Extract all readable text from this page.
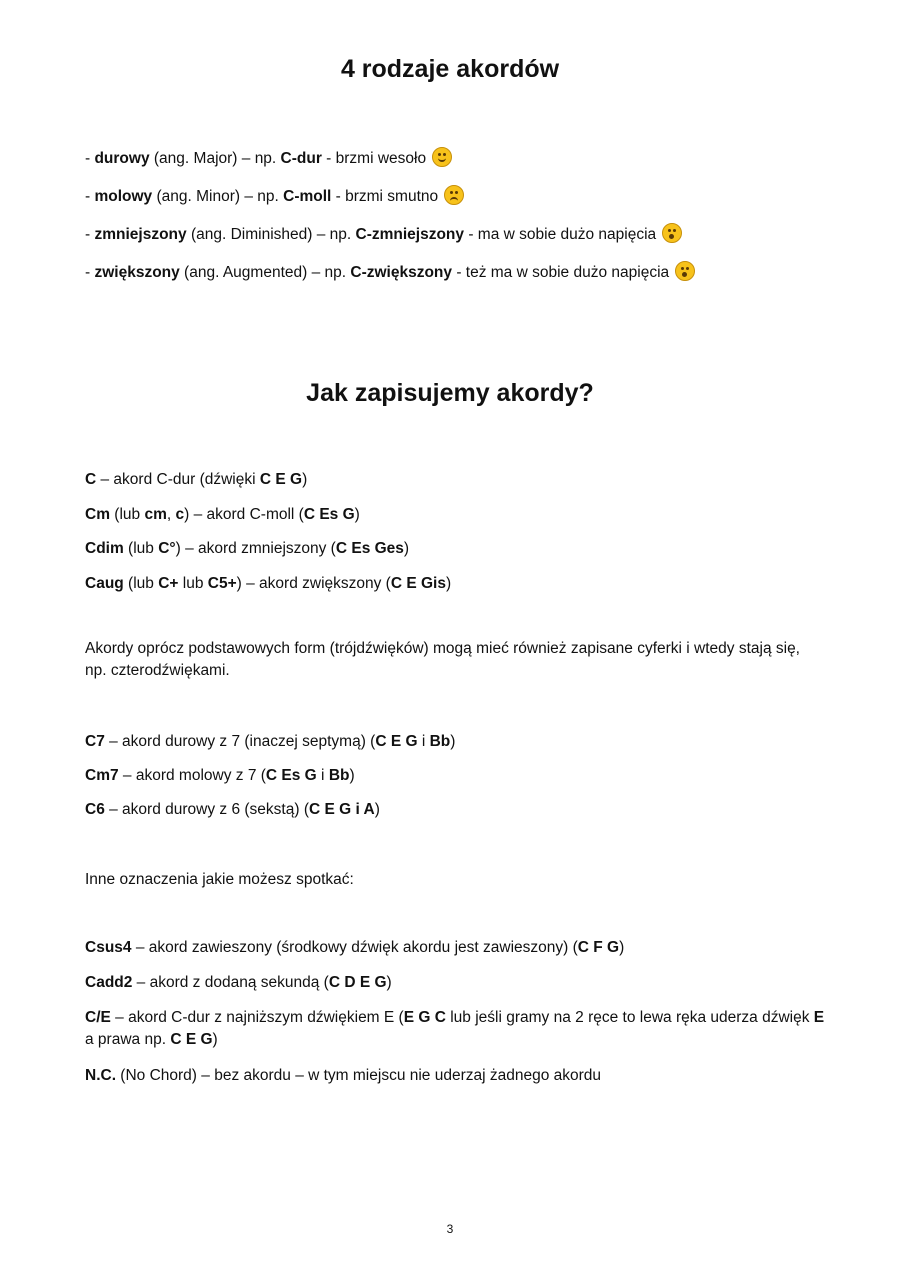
4 rodzaje akordów

- durowy (ang. Major) – np. C-dur - brzmi wesoło

- molowy (ang. Minor) – np. C-moll - brzmi smutno

- zmniejszony (ang. Diminished) – np. C-zmniejszony - ma w sobie dużo napięcia

- zwiększony (ang. Augmented) – np. C-zwiększony - też ma w sobie dużo napięcia

Jak zapisujemy akordy?

C – akord C-dur (dźwięki C E G)

Cm (lub cm, c) – akord C-moll (C Es G)

Cdim (lub C°) – akord zmniejszony (C Es Ges)

Caug (lub C+ lub C5+) – akord zwiększony (C E Gis)

Akordy oprócz podstawowych form (trójdźwięków) mogą mieć również zapisane cyferki i wtedy stają się, np. czterodźwiękami.

C7 – akord durowy z 7 (inaczej septymą) (C E G i Bb)

Cm7 – akord molowy z 7 (C Es G i Bb)

C6 – akord durowy z 6 (sekstą) (C E G i A)

Inne oznaczenia jakie możesz spotkać:

Csus4 – akord zawieszony (środkowy dźwięk akordu jest zawieszony) (C F G)

Cadd2 – akord z dodaną sekundą (C D E G)

C/E – akord C-dur z najniższym dźwiękiem E (E G C lub jeśli gramy na 2 ręce to lewa ręka uderza dźwięk E a prawa np. C E G)

N.C. (No Chord) – bez akordu – w tym miejscu nie uderzaj żadnego akordu

3
